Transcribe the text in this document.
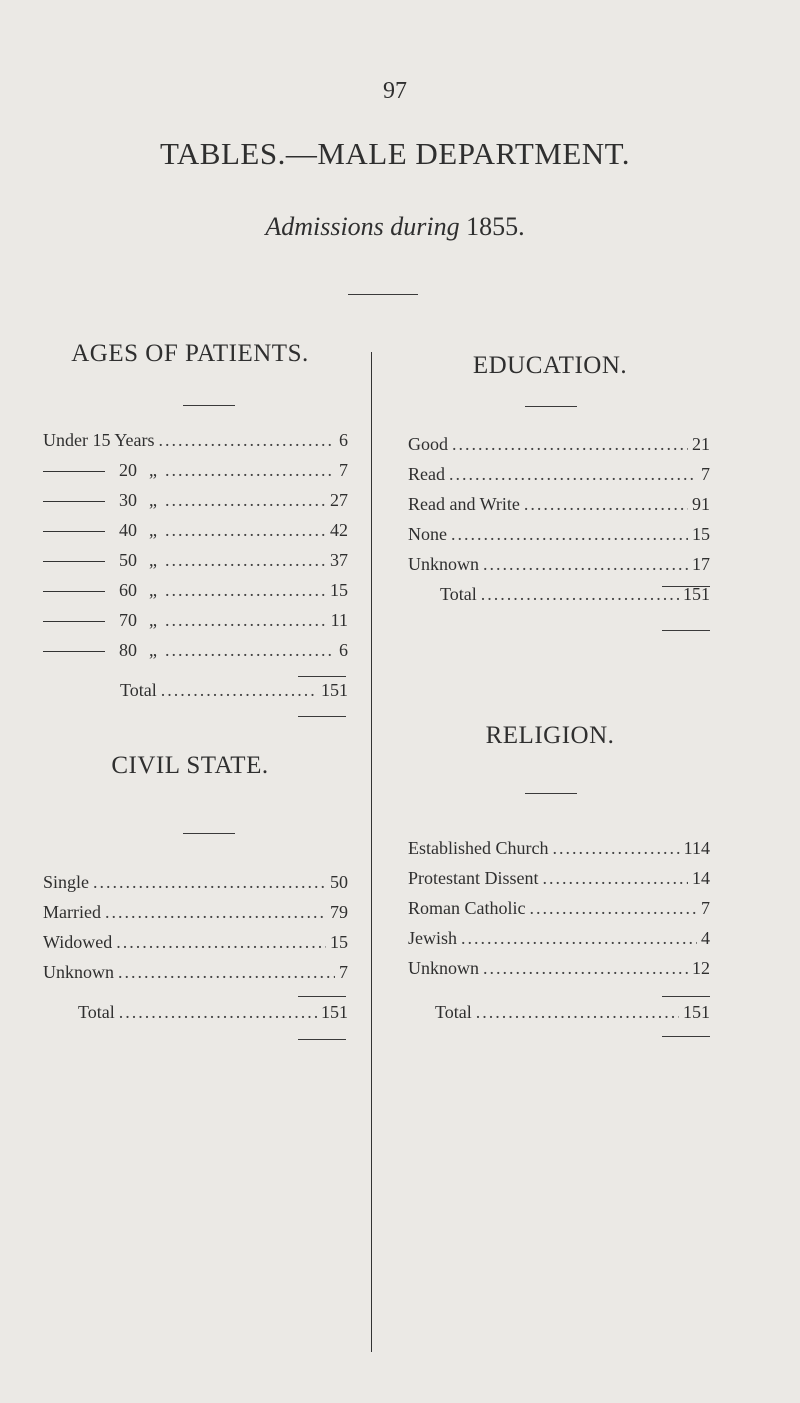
97
TABLES.—MALE DEPARTMENT.
Admissions during 1855.
AGES OF PATIENTS.
Under 15 Years .....	6
20 „ .....	7
30 „ .....	27
40 „ .....	42
50 „ .....	37
60 „ .....	15
70 „ .....	11
80 „ .....	6
Total .....	151
CIVIL STATE.
Single .....	50
Married .....	79
Widowed .....	15
Unknown .....	7
Total .....	151
EDUCATION.
Good .....	21
Read .....	7
Read and Write .....	91
None .....	15
Unknown .....	17
Total .....	151
RELIGION.
Established Church .....	114
Protestant Dissent .....	14
Roman Catholic .....	7
Jewish .....	4
Unknown .....	12
Total .....	151
